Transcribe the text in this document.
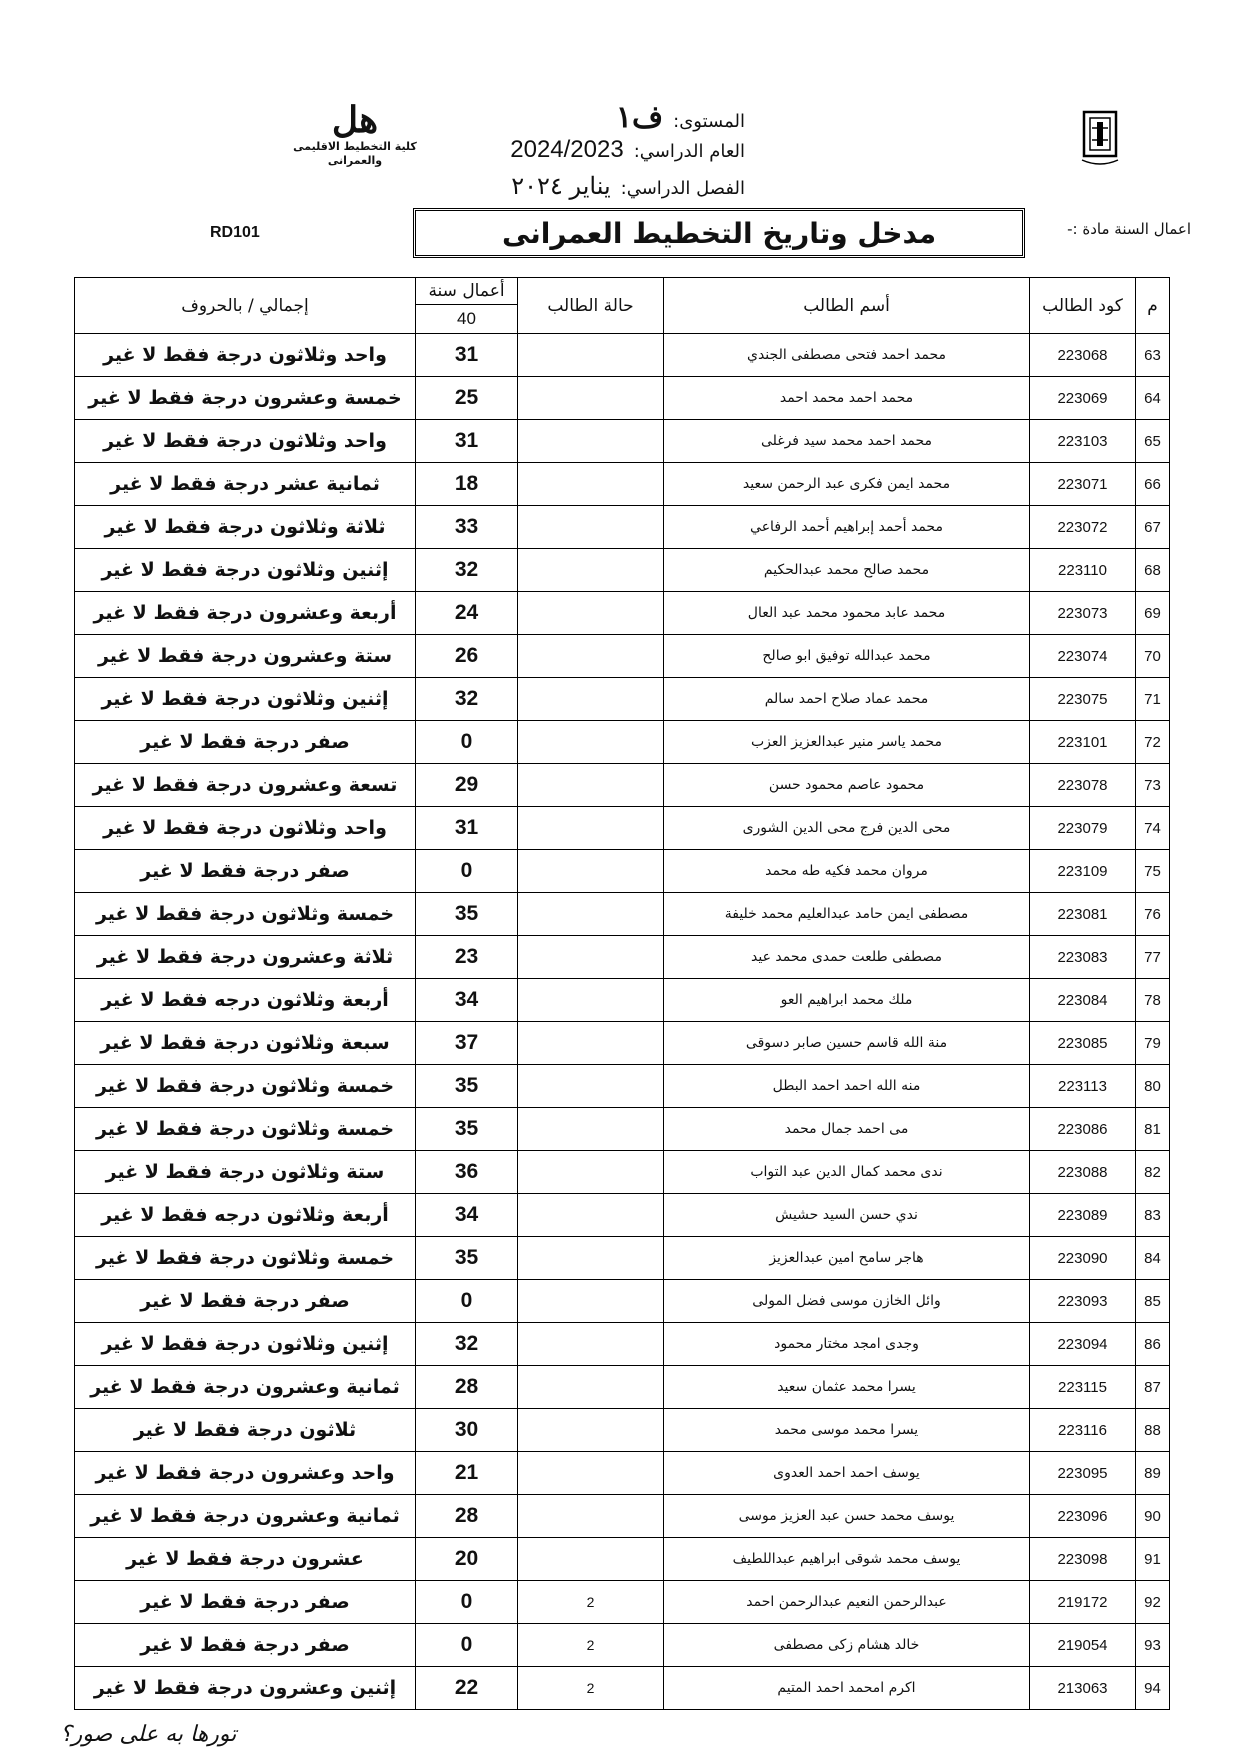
هل
كلية التخطيط الاقليمى
والعمرانى
المستوى:
ف١
العام الدراسي:
2024/2023
الفصل الدراسي:
يناير ٢٠٢٤
اعمال السنة مادة :-
مدخل وتاريخ التخطيط العمرانى
RD101
م	كود الطالب	أسم الطالب	حالة الطالب	أعمال سنة
40	إجمالي / بالحروف
63	223068	محمد احمد فتحى مصطفى الجندي		31	واحد وثلاثون درجة فقط لا غير
64	223069	محمد احمد محمد احمد		25	خمسة وعشرون درجة فقط لا غير
65	223103	محمد احمد محمد سيد فرغلى		31	واحد وثلاثون درجة فقط لا غير
66	223071	محمد ايمن فكرى عبد الرحمن سعيد		18	ثمانية عشر درجة فقط لا غير
67	223072	محمد أحمد إبراهيم أحمد الرفاعي		33	ثلاثة وثلاثون درجة فقط لا غير
68	223110	محمد صالح محمد عبدالحكيم		32	إثنين وثلاثون درجة فقط لا غير
69	223073	محمد عابد محمود محمد عبد العال		24	أربعة وعشرون درجة فقط لا غير
70	223074	محمد عبدالله توفيق ابو صالح		26	ستة وعشرون درجة فقط لا غير
71	223075	محمد عماد صلاح احمد سالم		32	إثنين وثلاثون درجة فقط لا غير
72	223101	محمد ياسر منير عبدالعزيز العزب		0	صفر درجة فقط لا غير
73	223078	محمود عاصم محمود حسن		29	تسعة وعشرون درجة فقط لا غير
74	223079	محى الدين فرج محى الدين الشورى		31	واحد وثلاثون درجة فقط لا غير
75	223109	مروان محمد فكيه طه محمد		0	صفر درجة فقط لا غير
76	223081	مصطفى ايمن حامد عبدالعليم محمد خليفة		35	خمسة وثلاثون درجة فقط لا غير
77	223083	مصطفى طلعت حمدى محمد عيد		23	ثلاثة وعشرون درجة فقط لا غير
78	223084	ملك محمد ابراهيم العو		34	أربعة وثلاثون درجه فقط لا غير
79	223085	منة الله قاسم حسين صابر دسوقى		37	سبعة وثلاثون درجة فقط لا غير
80	223113	منه الله احمد احمد البطل		35	خمسة وثلاثون درجة فقط لا غير
81	223086	مى احمد جمال محمد		35	خمسة وثلاثون درجة فقط لا غير
82	223088	ندى محمد كمال الدين عبد التواب		36	ستة وثلاثون درجة فقط لا غير
83	223089	ندي حسن السيد حشيش		34	أربعة وثلاثون درجه فقط لا غير
84	223090	هاجر سامح امين عبدالعزيز		35	خمسة وثلاثون درجة فقط لا غير
85	223093	وائل الخازن موسى فضل المولى		0	صفر درجة فقط لا غير
86	223094	وجدى امجد مختار محمود		32	إثنين وثلاثون درجة فقط لا غير
87	223115	يسرا محمد عثمان سعيد		28	ثمانية وعشرون درجة فقط لا غير
88	223116	يسرا محمد موسى محمد		30	ثلاثون درجة فقط لا غير
89	223095	يوسف احمد احمد العدوى		21	واحد وعشرون درجة فقط لا غير
90	223096	يوسف محمد حسن عبد العزيز موسى		28	ثمانية وعشرون درجة فقط لا غير
91	223098	يوسف محمد شوقى ابراهيم عبداللطيف		20	عشرون درجة فقط لا غير
92	219172	عبدالرحمن النعيم عبدالرحمن احمد	2	0	صفر درجة فقط لا غير
93	219054	خالد هشام زكى مصطفى	2	0	صفر درجة فقط لا غير
94	213063	اكرم امحمد احمد المتيم	2	22	إثنين وعشرون درجة فقط لا غير
تورها به على صور؟
